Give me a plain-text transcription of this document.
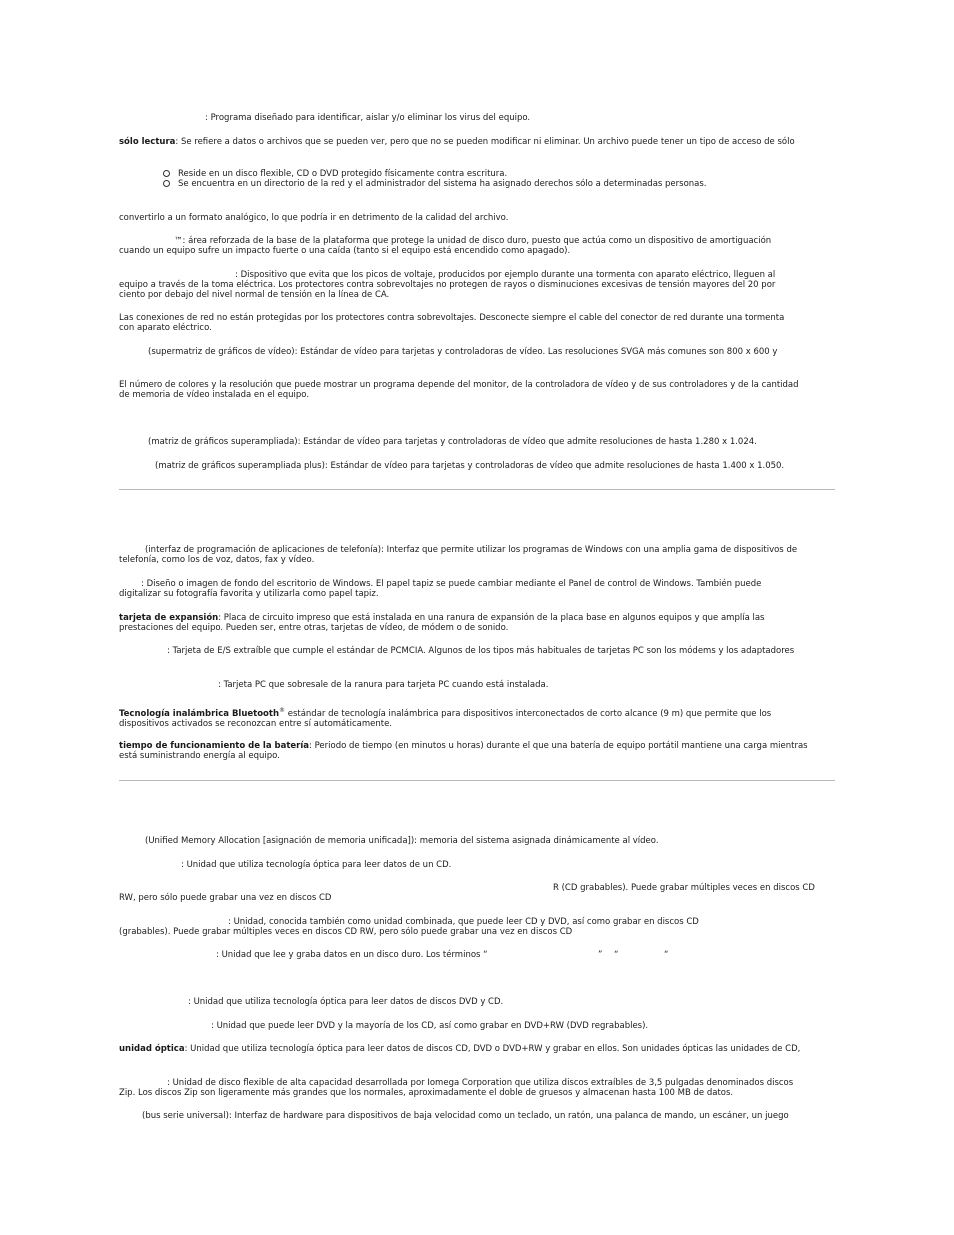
: Programa diseñado para identificar, aislar y/o eliminar los virus del equipo.

sólo lectura: Se refiere a datos o archivos que se pueden ver, pero que no se pueden modificar ni eliminar. Un archivo puede tener un tipo de acceso de sólo

Reside en un disco flexible, CD o DVD protegido físicamente contra escritura.
Se encuentra en un directorio de la red y el administrador del sistema ha asignado derechos sólo a determinadas personas.

convertirlo a un formato analógico, lo que podría ir en detrimento de la calidad del archivo.

™: área reforzada de la base de la plataforma que protege la unidad de disco duro, puesto que actúa como un dispositivo de amortiguación
cuando un equipo sufre un impacto fuerte o una caída (tanto si el equipo está encendido como apagado).

: Dispositivo que evita que los picos de voltaje, producidos por ejemplo durante una tormenta con aparato eléctrico, lleguen al
equipo a través de la toma eléctrica. Los protectores contra sobrevoltajes no protegen de rayos o disminuciones excesivas de tensión mayores del 20 por
ciento por debajo del nivel normal de tensión en la línea de CA.

Las conexiones de red no están protegidas por los protectores contra sobrevoltajes. Desconecte siempre el cable del conector de red durante una tormenta
con aparato eléctrico.

(supermatriz de gráficos de vídeo): Estándar de vídeo para tarjetas y controladoras de vídeo. Las resoluciones SVGA más comunes son 800 x 600 y

El número de colores y la resolución que puede mostrar un programa depende del monitor, de la controladora de vídeo y de sus controladores y de la cantidad
de memoria de vídeo instalada en el equipo.

(matriz de gráficos superampliada): Estándar de vídeo para tarjetas y controladoras de vídeo que admite resoluciones de hasta 1.280 x 1.024.

(matriz de gráficos superampliada plus): Estándar de vídeo para tarjetas y controladoras de vídeo que admite resoluciones de hasta 1.400 x 1.050.

(interfaz de programación de aplicaciones de telefonía): Interfaz que permite utilizar los programas de Windows con una amplia gama de dispositivos de
telefonía, como los de voz, datos, fax y vídeo.

: Diseño o imagen de fondo del escritorio de Windows. El papel tapiz se puede cambiar mediante el Panel de control de Windows. También puede
digitalizar su fotografía favorita y utilizarla como papel tapiz.

tarjeta de expansión: Placa de circuito impreso que está instalada en una ranura de expansión de la placa base en algunos equipos y que amplía las
prestaciones del equipo. Pueden ser, entre otras, tarjetas de vídeo, de módem o de sonido.

: Tarjeta de E/S extraíble que cumple el estándar de PCMCIA. Algunos de los tipos más habituales de tarjetas PC son los módems y los adaptadores

: Tarjeta PC que sobresale de la ranura para tarjeta PC cuando está instalada.

Tecnología inalámbrica Bluetooth® estándar de tecnología inalámbrica para dispositivos interconectados de corto alcance (9 m) que permite que los
dispositivos activados se reconozcan entre sí automáticamente.

tiempo de funcionamiento de la batería: Periodo de tiempo (en minutos u horas) durante el que una batería de equipo portátil mantiene una carga mientras
está suministrando energía al equipo.

(Unified Memory Allocation [asignación de memoria unificada]): memoria del sistema asignada dinámicamente al vídeo.

: Unidad que utiliza tecnología óptica para leer datos de un CD.

R (CD grabables). Puede grabar múltiples veces en discos CD
RW, pero sólo puede grabar una vez en discos CD

: Unidad, conocida también como unidad combinada, que puede leer CD y DVD, así como grabar en discos CD
(grabables). Puede grabar múltiples veces en discos CD RW, pero sólo puede grabar una vez en discos CD

: Unidad que lee y graba datos en un disco duro. Los términos “	” “	“

: Unidad que utiliza tecnología óptica para leer datos de discos DVD y CD.

: Unidad que puede leer DVD y la mayoría de los CD, así como grabar en DVD+RW (DVD regrabables).

unidad óptica: Unidad que utiliza tecnología óptica para leer datos de discos CD, DVD o DVD+RW y grabar en ellos. Son unidades ópticas las unidades de CD,

: Unidad de disco flexible de alta capacidad desarrollada por Iomega Corporation que utiliza discos extraíbles de 3,5 pulgadas denominados discos
Zip. Los discos Zip son ligeramente más grandes que los normales, aproximadamente el doble de gruesos y almacenan hasta 100 MB de datos.

(bus serie universal): Interfaz de hardware para dispositivos de baja velocidad como un teclado, un ratón, una palanca de mando, un escáner, un juego
